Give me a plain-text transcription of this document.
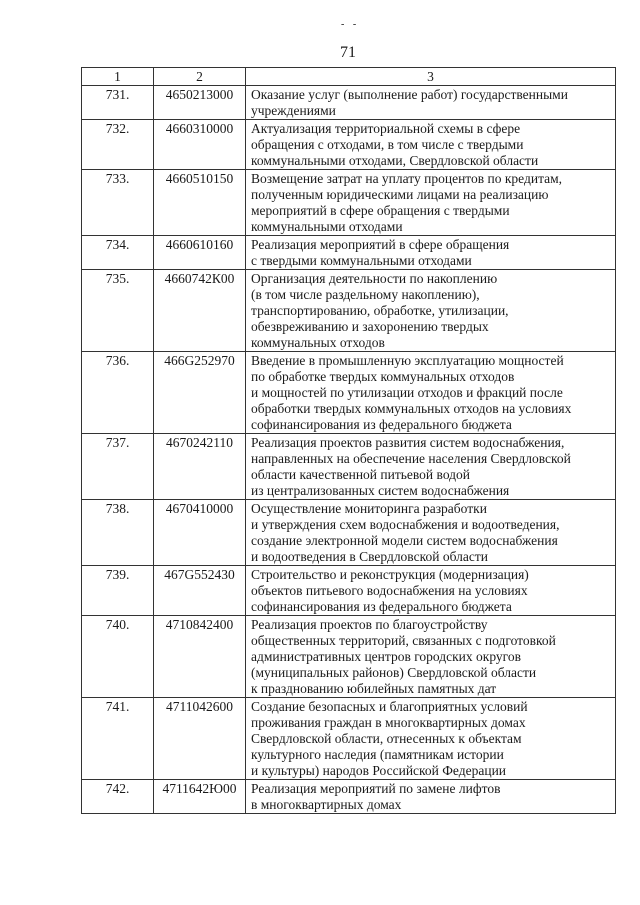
- -
71
1	2	3
731.	4650213000	Оказание услуг (выполнение работ) государственными
учреждениями

732.	4660310000	Актуализация территориальной схемы в сфере
обращения с отходами, в том числе с твердыми
коммунальными отходами, Свердловской области

733.	4660510150	Возмещение затрат на уплату процентов по кредитам,
полученным юридическими лицами на реализацию
мероприятий в сфере обращения с твердыми
коммунальными отходами

734.	4660610160	Реализация мероприятий в сфере обращения
с твердыми коммунальными отходами

735.	4660742К00	Организация деятельности по накоплению
(в том числе раздельному накоплению),
транспортированию, обработке, утилизации,
обезвреживанию и захоронению твердых
коммунальных отходов

736.	466G252970	Введение в промышленную эксплуатацию мощностей
по обработке твердых коммунальных отходов
и мощностей по утилизации отходов и фракций после
обработки твердых коммунальных отходов на условиях
софинансирования из федерального бюджета

737.	4670242110	Реализация проектов развития систем водоснабжения,
направленных на обеспечение населения Свердловской
области качественной питьевой водой
из централизованных систем водоснабжения

738.	4670410000	Осуществление мониторинга разработки
и утверждения схем водоснабжения и водоотведения,
создание электронной модели систем водоснабжения
и водоотведения в Свердловской области

739.	467G552430	Строительство и реконструкция (модернизация)
объектов питьевого водоснабжения на условиях
софинансирования из федерального бюджета

740.	4710842400	Реализация проектов по благоустройству
общественных территорий, связанных с подготовкой
административных центров городских округов
(муниципальных районов) Свердловской области
к празднованию юбилейных памятных дат

741.	4711042600	Создание безопасных и благоприятных условий
проживания граждан в многоквартирных домах
Свердловской области, отнесенных к объектам
культурного наследия (памятникам истории
и культуры) народов Российской Федерации

742.	4711642Ю00	Реализация мероприятий по замене лифтов
в многоквартирных домах
